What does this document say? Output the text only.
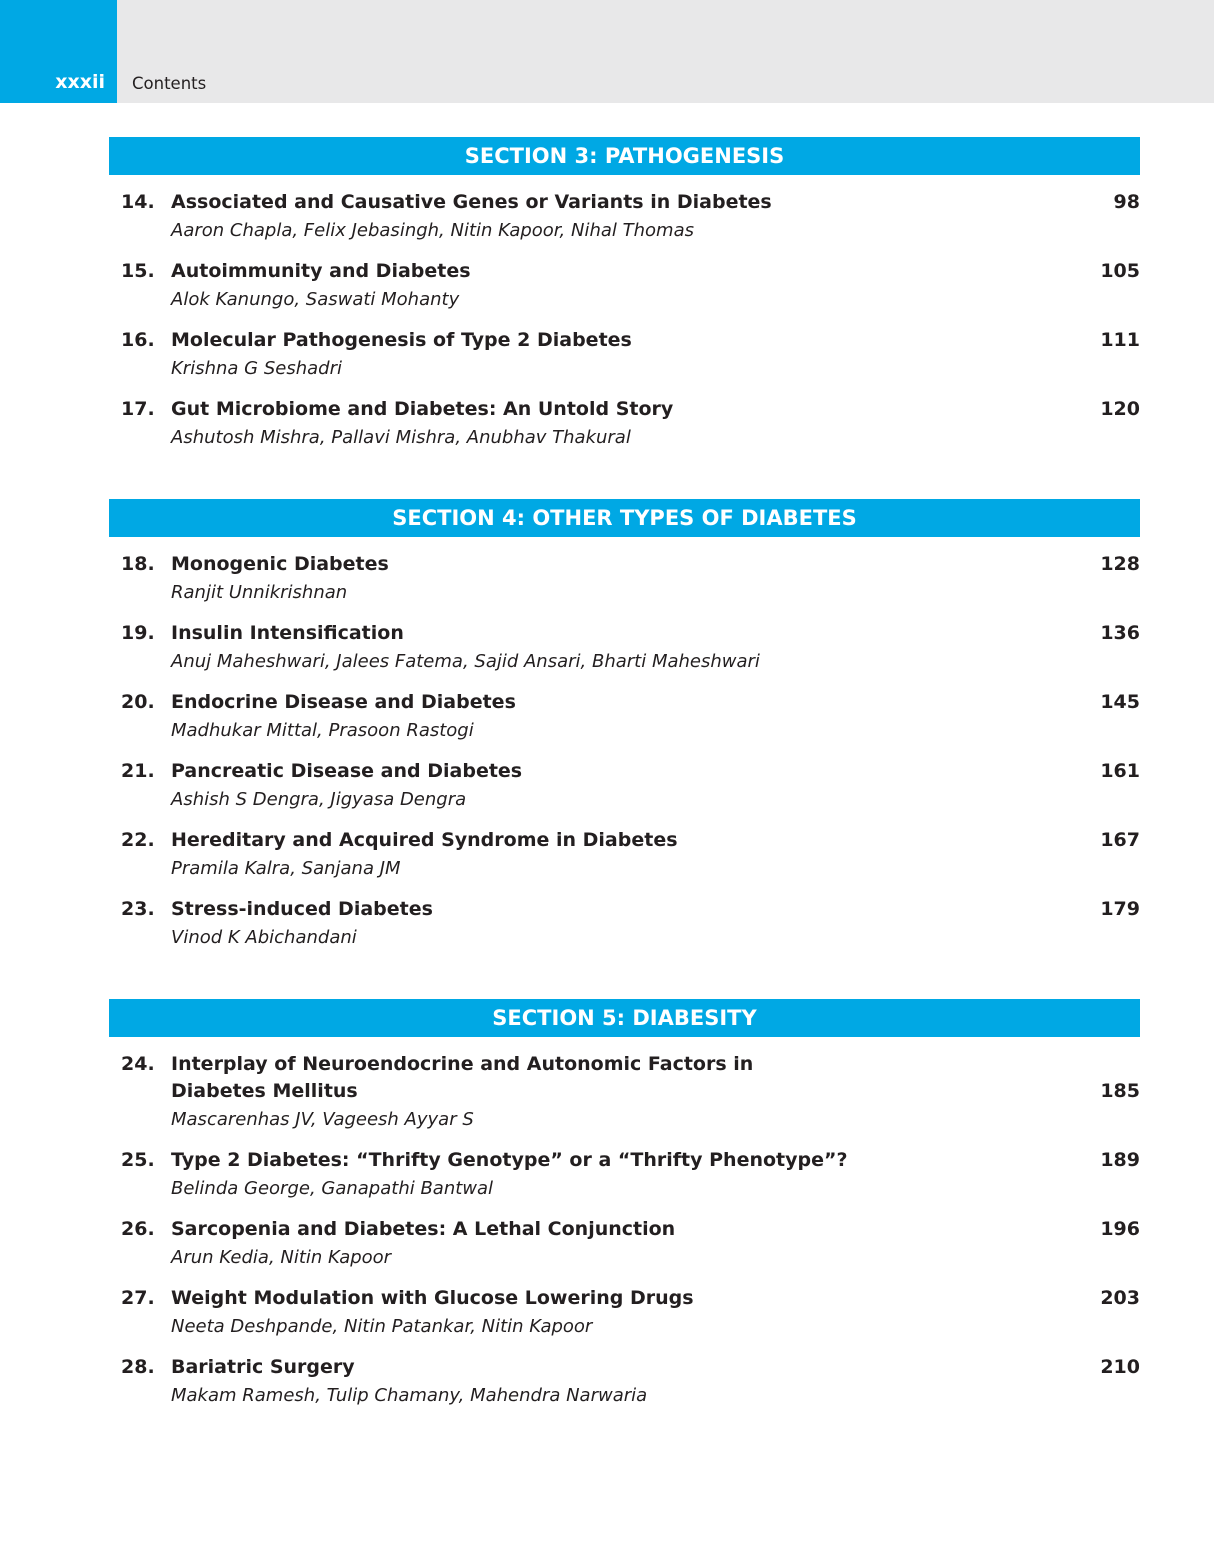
xxxii Contents
SECTION 3: PATHOGENESIS
14. Associated and Causative Genes or Variants in Diabetes	98
Aaron Chapla, Felix Jebasingh, Nitin Kapoor, Nihal Thomas
15. Autoimmunity and Diabetes	105
Alok Kanungo, Saswati Mohanty
16. Molecular Pathogenesis of Type 2 Diabetes	111
Krishna G Seshadri
17. Gut Microbiome and Diabetes: An Untold Story	120
Ashutosh Mishra, Pallavi Mishra, Anubhav Thakural
SECTION 4: OTHER TYPES OF DIABETES
18. Monogenic Diabetes	128
Ranjit Unnikrishnan
19. Insulin Intensification	136
Anuj Maheshwari, Jalees Fatema, Sajid Ansari, Bharti Maheshwari
20. Endocrine Disease and Diabetes	145
Madhukar Mittal, Prasoon Rastogi
21. Pancreatic Disease and Diabetes	161
Ashish S Dengra, Jigyasa Dengra
22. Hereditary and Acquired Syndrome in Diabetes	167
Pramila Kalra, Sanjana JM
23. Stress-induced Diabetes	179
Vinod K Abichandani
SECTION 5: DIABESITY
24. Interplay of Neuroendocrine and Autonomic Factors in Diabetes Mellitus	185
Mascarenhas JV, Vageesh Ayyar S
25. Type 2 Diabetes: “Thrifty Genotype” or a “Thrifty Phenotype”?	189
Belinda George, Ganapathi Bantwal
26. Sarcopenia and Diabetes: A Lethal Conjunction	196
Arun Kedia, Nitin Kapoor
27. Weight Modulation with Glucose Lowering Drugs	203
Neeta Deshpande, Nitin Patankar, Nitin Kapoor
28. Bariatric Surgery	210
Makam Ramesh, Tulip Chamany, Mahendra Narwaria
